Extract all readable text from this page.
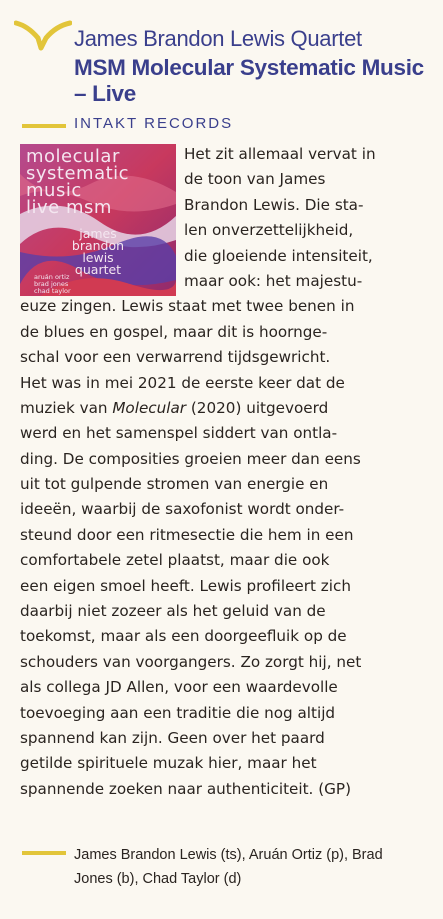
James Brandon Lewis Quartet
MSM Molecular Systematic Music – Live
INTAKT RECORDS
molecular
systematic
music
live msm
james
brandon
lewis
quartet
aruán ortiz
brad jones
chad taylor
Het zit allemaal vervat in
de toon van James
Brandon Lewis. Die sta-
len onverzettelijkheid,
die gloeiende intensiteit,
maar ook: het majestu-
euze zingen. Lewis staat met twee benen in
de blues en gospel, maar dit is hoornge-
schal voor een verwarrend tijdsgewricht.
Het was in mei 2021 de eerste keer dat de
muziek van Molecular (2020) uitgevoerd
werd en het samenspel siddert van ontla-
ding. De composities groeien meer dan eens
uit tot gulpende stromen van energie en
ideeën, waarbij de saxofonist wordt onder-
steund door een ritmesectie die hem in een
comfortabele zetel plaatst, maar die ook
een eigen smoel heeft. Lewis profileert zich
daarbij niet zozeer als het geluid van de
toekomst, maar als een doorgeefluik op de
schouders van voorgangers. Zo zorgt hij, net
als collega JD Allen, voor een waardevolle
toevoeging aan een traditie die nog altijd
spannend kan zijn. Geen over het paard
getilde spirituele muzak hier, maar het
spannende zoeken naar authenticiteit. (GP)
James Brandon Lewis (ts), Aruán Ortiz (p), Brad
Jones (b), Chad Taylor (d)
